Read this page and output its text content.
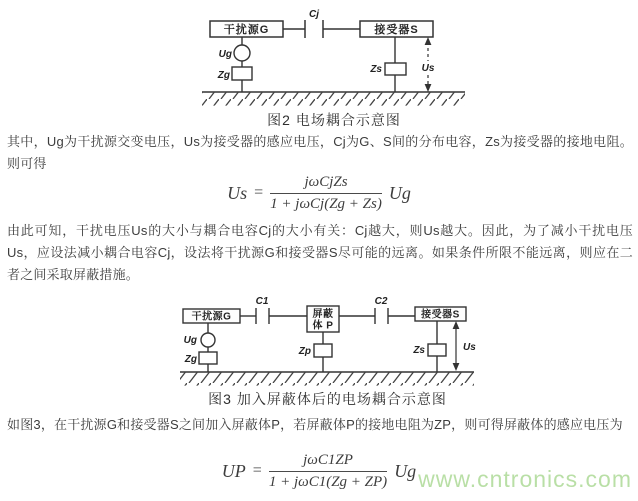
Cj
干扰源G	接受器S
Ug
Zg
Zs	Us
图2 电场耦合示意图

其中，Ug为干扰源交变电压，Us为接受器的感应电压，Cj为G、S间的分布电容，Zs为接受器的接地电阻。则可得

$Us = \frac{\text{jωCjZs}}{\text{1 + jωCj(Zg + Zs)}}$ Ug

由此可知，干扰电压Us的大小与耦合电容Cj的大小有关：Cj越大，则Us越大。因此，为了减小干扰电压Us，应设法减小耦合电容Cj，设法将干扰源G和接受器S尽可能的远离。如果条件所限不能远离，则应在二者之间采取屏蔽措施。

C1	C2
干扰源G	屏蔽
体 P
接受器S
Ug
Zg
Zp	Zs	Us
图3 加入屏蔽体后的电场耦合示意图

如图3，在干扰源G和接受器S之间加入屏蔽体P，若屏蔽体P的接地电阻为ZP，则可得屏蔽体的感应电压为

UP = $\frac{\text{jωC1ZP}}{\text{1 + jωC1(Zg + ZP)}}$ Ug www.cntronics.com
